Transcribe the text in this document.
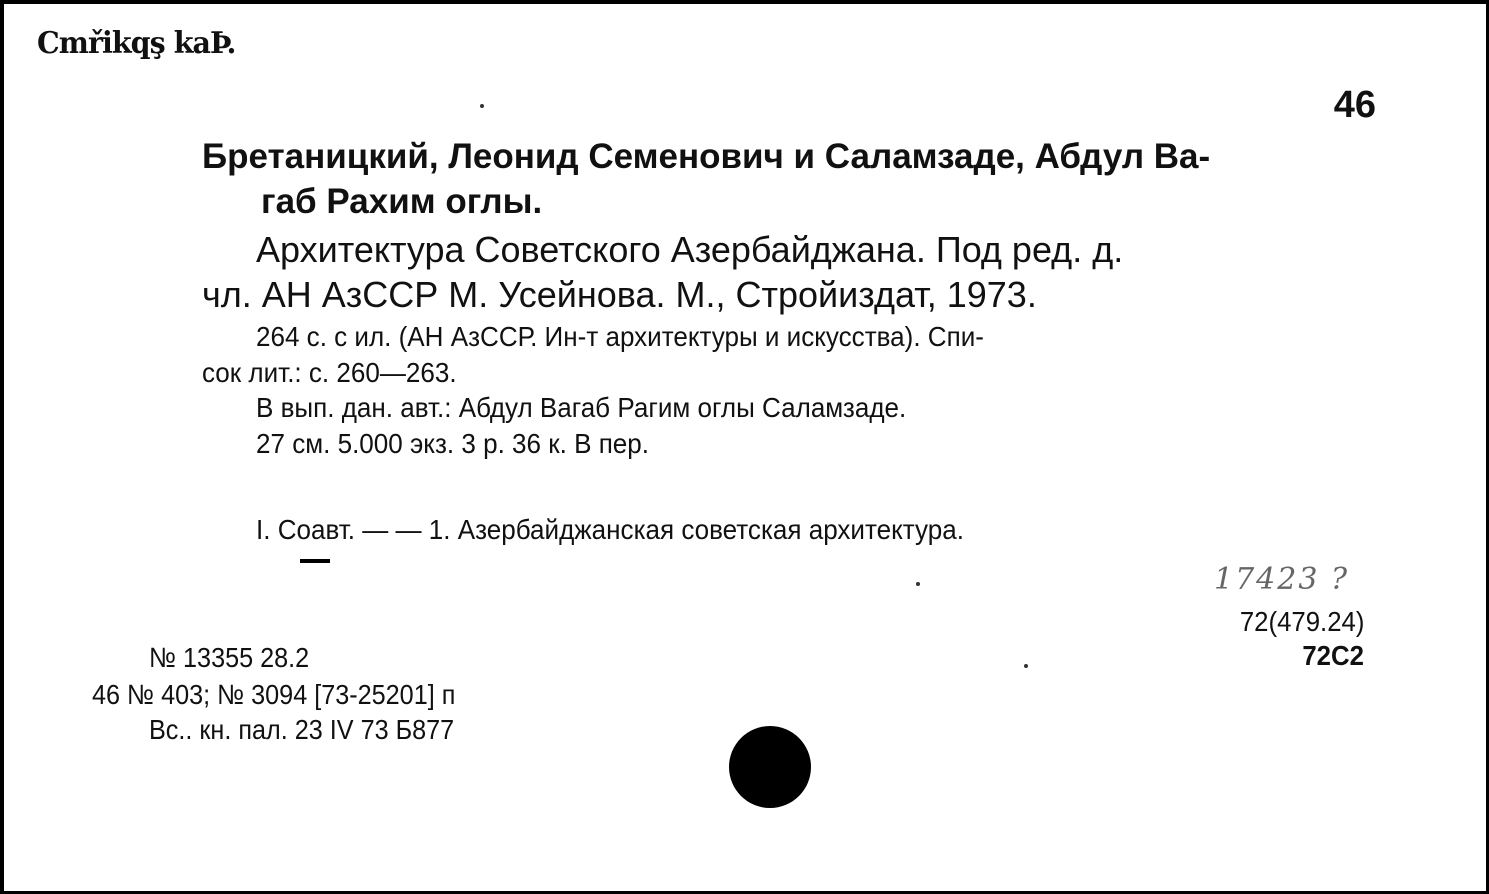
Cmřikqş kaÞ.
46
Бретаницкий, Леонид Семенович и Саламзаде, Абдул Ва-
габ Рахим оглы.
Архитектура Советского Азербайджана. Под ред. д.
чл. АН АзССР М. Усейнова. М., Стройиздат, 1973.
264 с. с ил. (АН АзССР. Ин-т архитектуры и искусства). Спи-
сок лит.: с. 260—263.
В вып. дан. авт.: Абдул Вагаб Рагим оглы Саламзаде.
27 см. 5.000 экз. 3 р. 36 к. В пер.
I. Соавт. — — 1. Азербайджанская советская архитектура.
17423 ?
72(479.24)
72С2
№ 13355 28.2
46 № 403; № 3094 [73-25201] п
Вс.. кн. пал. 23 IV 73 Б877
